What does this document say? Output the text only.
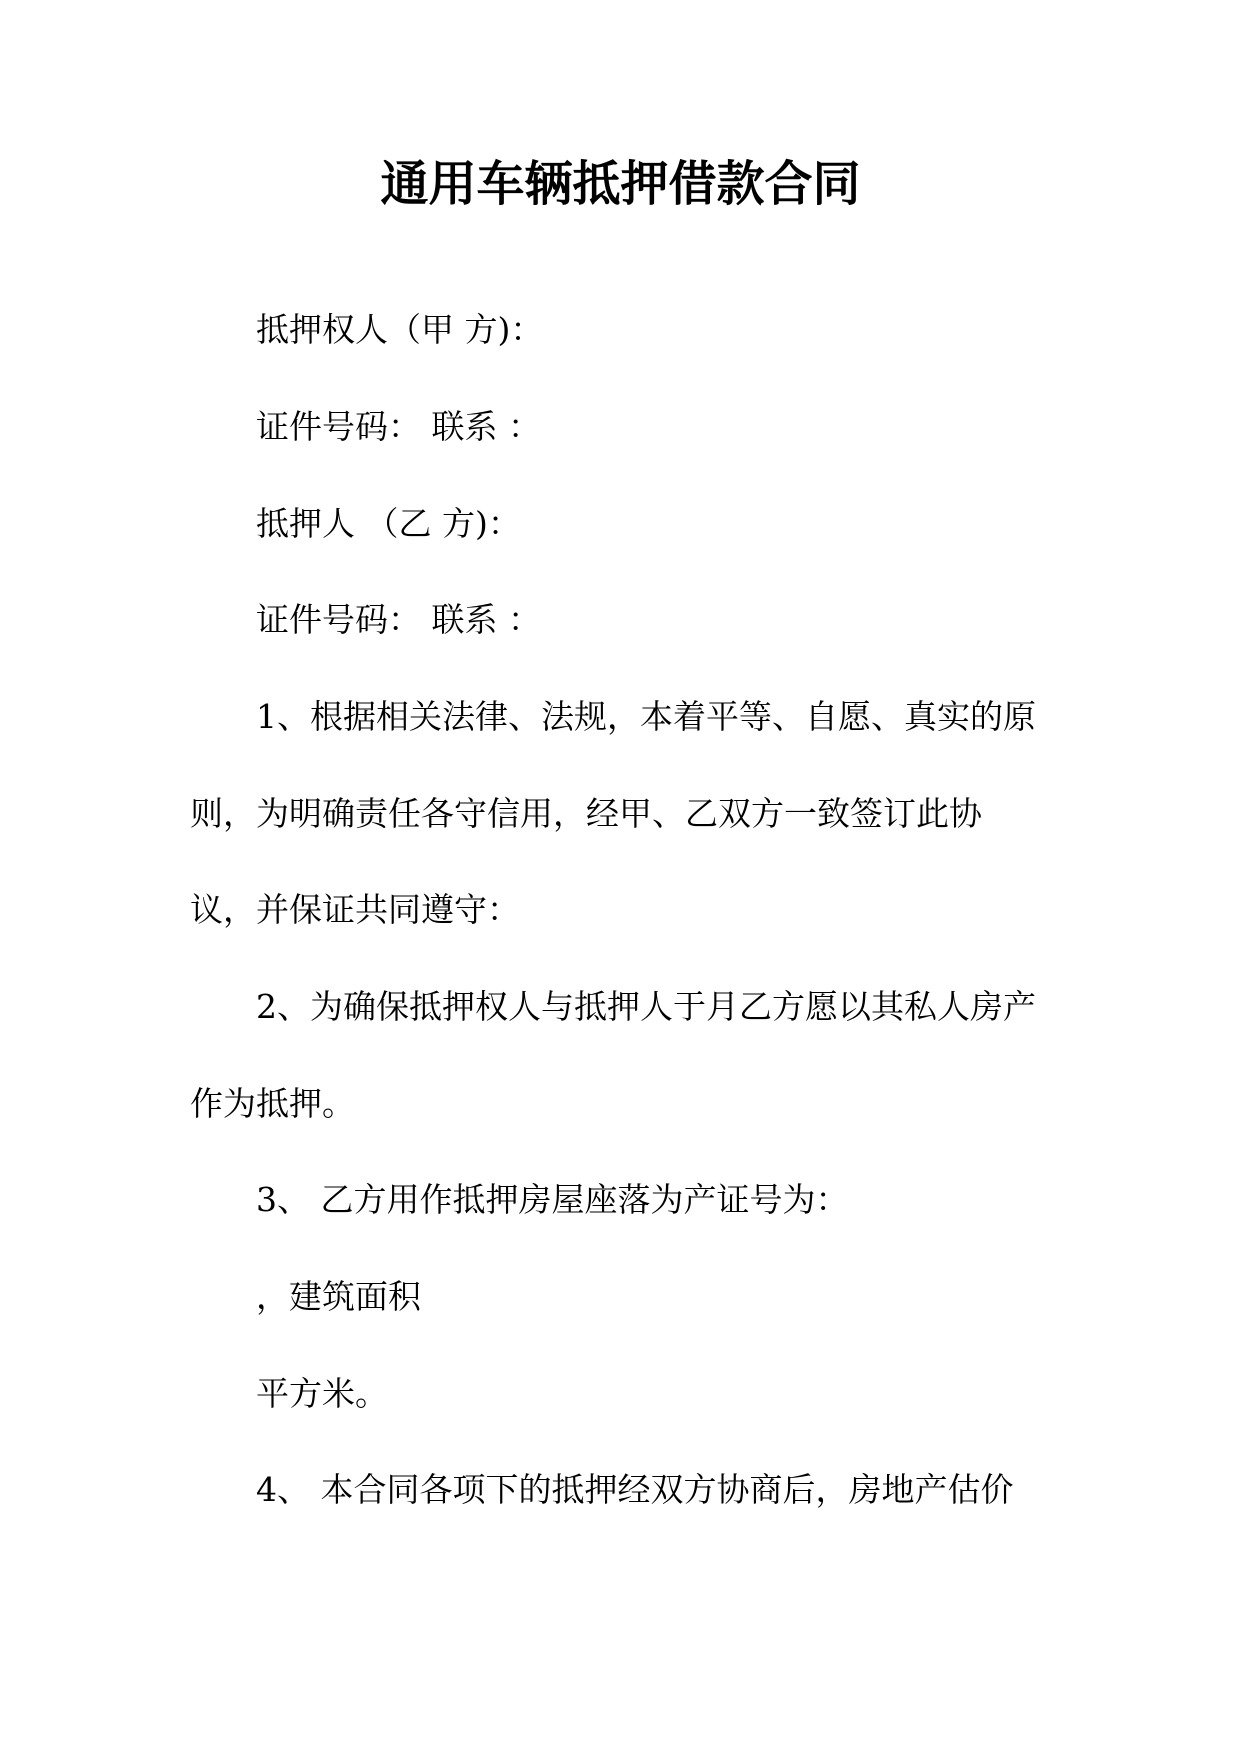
通用车辆抵押借款合同
抵押权人（甲 方)：
证件号码： 联系 ：
抵押人 （乙 方)：
证件号码： 联系 ：
1、根据相关法律、法规，本着平等、自愿、真实的原
则，为明确责任各守信用，经甲、乙双方一致签订此协
议，并保证共同遵守：
2、为确保抵押权人与抵押人于月乙方愿以其私人房产
作为抵押。
3、 乙方用作抵押房屋座落为产证号为：
，建筑面积
平方米。
4、 本合同各项下的抵押经双方协商后，房地产估价
